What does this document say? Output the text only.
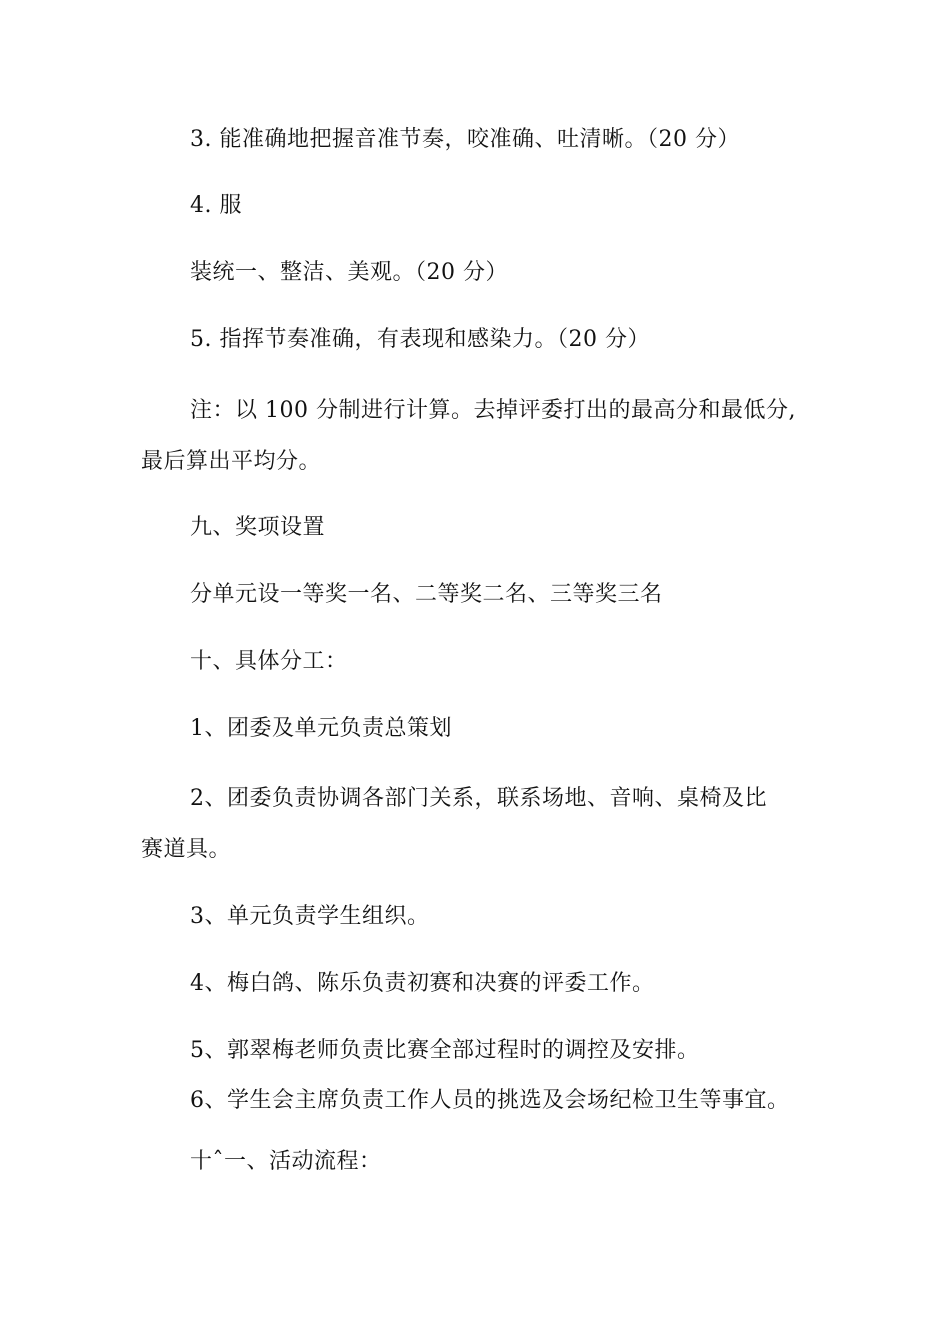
3. 能准确地把握音准节奏，咬准确、吐清晰。（20 分）
4. 服
装统一、整洁、美观。（20 分）
5. 指挥节奏准确，有表现和感染力。（20 分）
注：以 100 分制进行计算。去掉评委打出的最高分和最低分,
最后算出平均分。
九、奖项设置
分单元设一等奖一名、二等奖二名、三等奖三名
十、具体分工：
1、团委及单元负责总策划
2、团委负责协调各部门关系，联系场地、音响、桌椅及比
赛道具。
3、单元负责学生组织。
4、梅白鸽、陈乐负责初赛和决赛的评委工作。
5、郭翠梅老师负责比赛全部过程时的调控及安排。
6、学生会主席负责工作人员的挑选及会场纪检卫生等事宜。
十ˆ一、活动流程：
